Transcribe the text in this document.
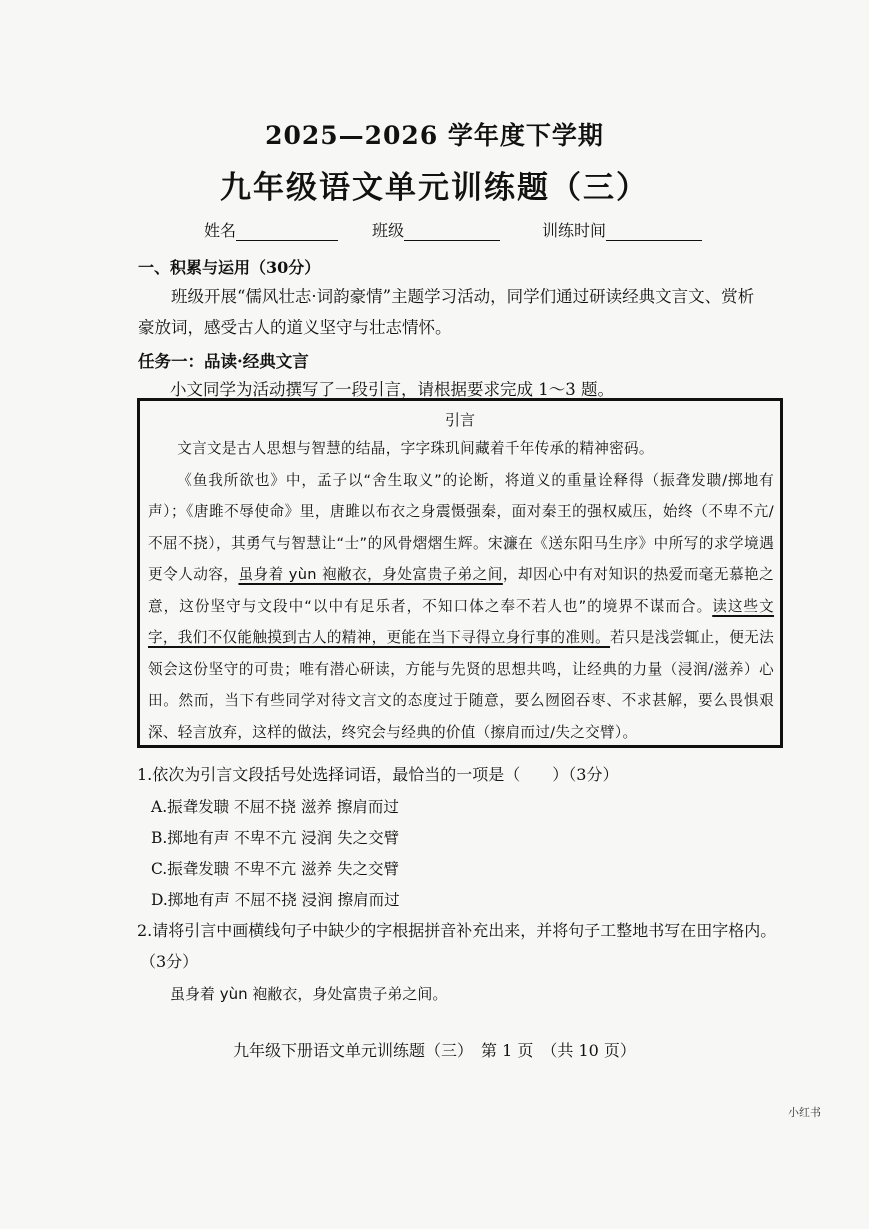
2025—2026 学年度下学期
九年级语文单元训练题（三）
姓名	班级	训练时间
一、积累与运用（30分）
班级开展“儒风壮志·词韵豪情”主题学习活动，同学们通过研读经典文言文、赏析豪放词，感受古人的道义坚守与壮志情怀。
任务一：品读·经典文言
小文同学为活动撰写了一段引言，请根据要求完成 1～3 题。
引言

文言文是古人思想与智慧的结晶，字字珠玑间藏着千年传承的精神密码。

《鱼我所欲也》中，孟子以“舍生取义”的论断，将道义的重量诠释得（振聋发聩/掷地有声）；《唐雎不辱使命》里，唐雎以布衣之身震慑强秦，面对秦王的强权威压，始终（不卑不亢/不屈不挠），其勇气与智慧让“士”的风骨熠熠生辉。宋濂在《送东阳马生序》中所写的求学境遇更令人动容，虽身着 yùn 袍敝衣，身处富贵子弟之间，却因心中有对知识的热爱而毫无慕艳之意，这份坚守与文段中“以中有足乐者，不知口体之奉不若人也”的境界不谋而合。读这些文字，我们不仅能触摸到古人的精神，更能在当下寻得立身行事的准则。若只是浅尝辄止，便无法领会这份坚守的可贵；唯有潜心研读，方能与先贤的思想共鸣，让经典的力量（浸润/滋养）心田。然而，当下有些同学对待文言文的态度过于随意，要么囫囵吞枣、不求甚解，要么畏惧艰深、轻言放弃，这样的做法，终究会与经典的价值（擦肩而过/失之交臂）。

1.依次为引言文段括号处选择词语，最恰当的一项是（　　）（3分）
A.振聋发聩 不屈不挠 滋养 擦肩而过
B.掷地有声 不卑不亢 浸润 失之交臂
C.振聋发聩 不卑不亢 滋养 失之交臂
D.掷地有声 不屈不挠 浸润 擦肩而过
2.请将引言中画横线句子中缺少的字根据拼音补充出来，并将句子工整地书写在田字格内。
（3分）
虽身着 yùn 袍敝衣，身处富贵子弟之间。
九年级下册语文单元训练题（三）　第 1 页　（共 10 页）
小红书
